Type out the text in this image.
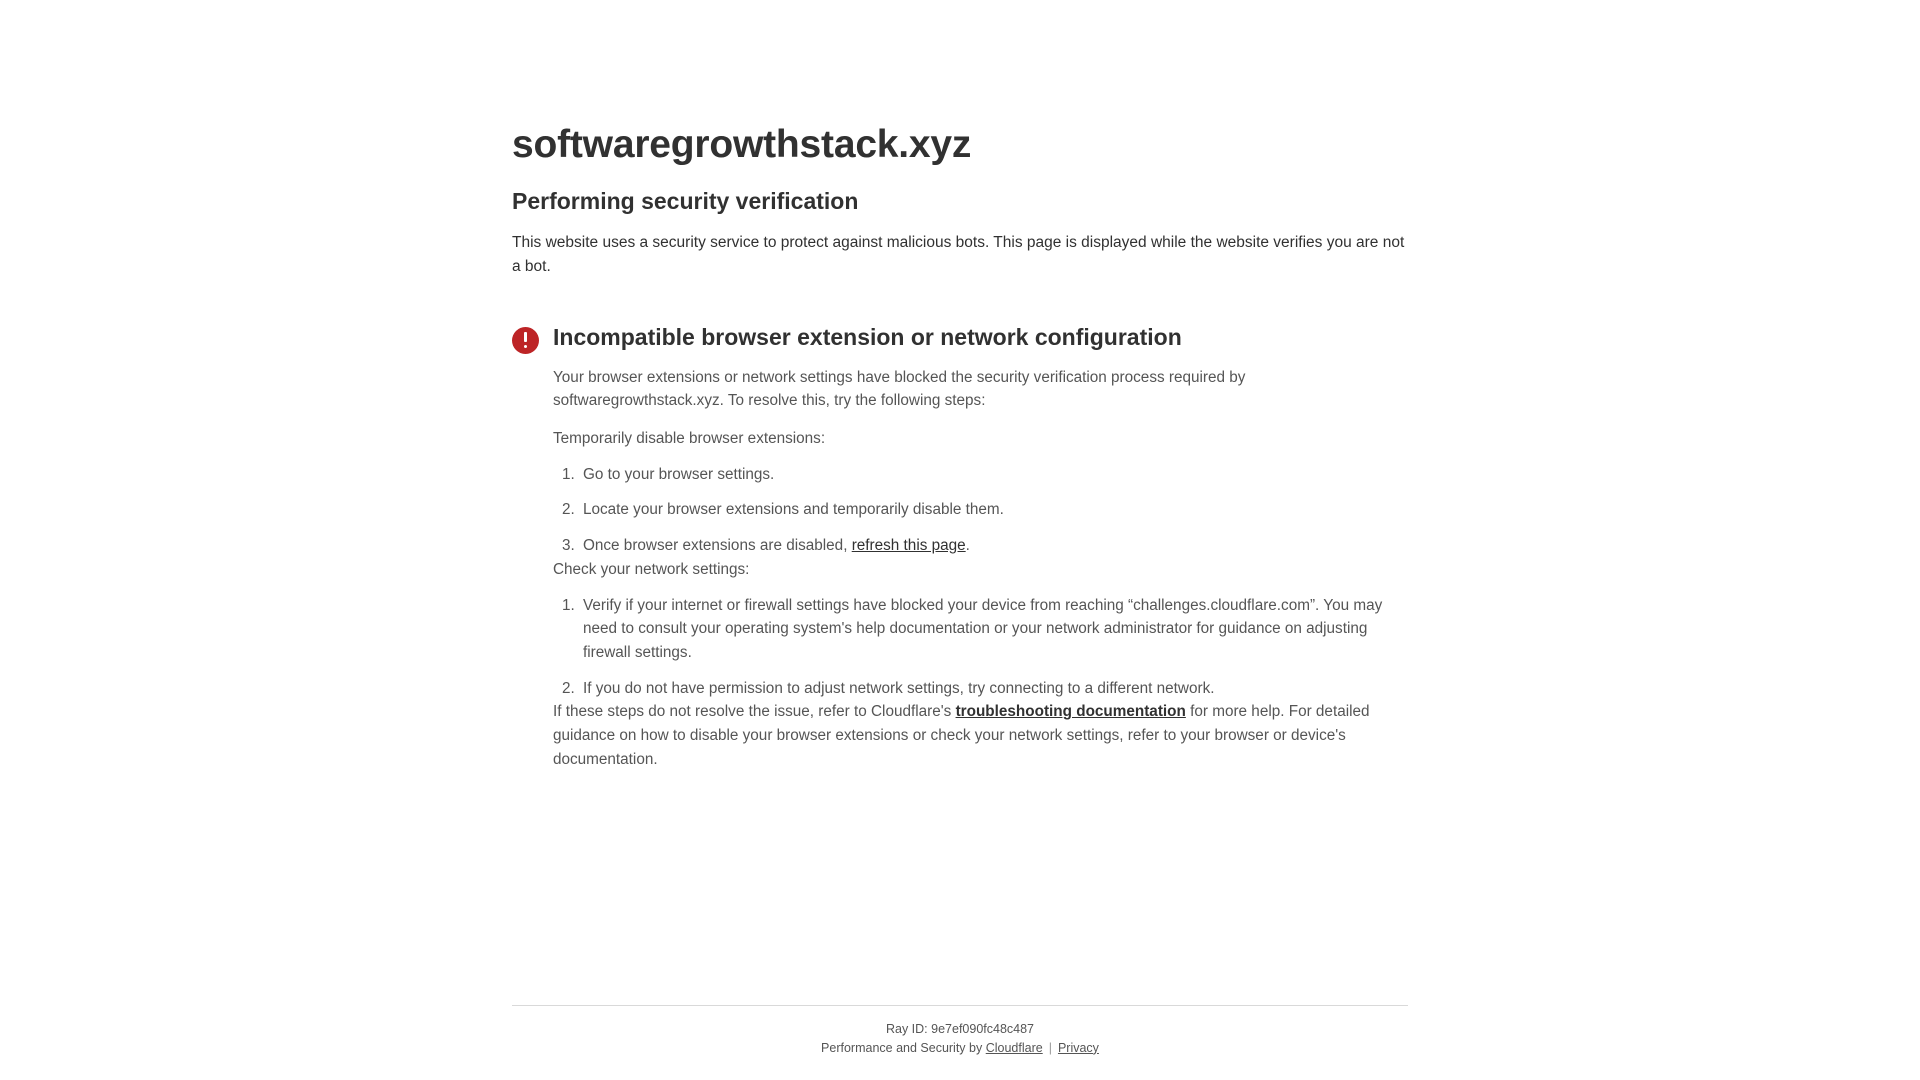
softwaregrowthstack.xyz
Performing security verification

This website uses a security service to protect against malicious bots. This page is displayed while the website verifies you are not a bot.

Incompatible browser extension or network configuration

Your browser extensions or network settings have blocked the security verification process required by softwaregrowthstack.xyz. To resolve this, try the following steps:

Temporarily disable browser extensions:

1. Go to your browser settings.
2. Locate your browser extensions and temporarily disable them.
3. Once browser extensions are disabled, refresh this page.

Check your network settings:

1. Verify if your internet or firewall settings have blocked your device from reaching “challenges.cloudflare.com”. You may need to consult your operating system's help documentation or your network administrator for guidance on adjusting firewall settings.
2. If you do not have permission to adjust network settings, try connecting to a different network.

If these steps do not resolve the issue, refer to Cloudflare's troubleshooting documentation for more help. For detailed guidance on how to disable your browser extensions or check your network settings, refer to your browser or device's documentation.

Ray ID: 9e7ef090fc48c487
Performance and Security by Cloudflare | Privacy
